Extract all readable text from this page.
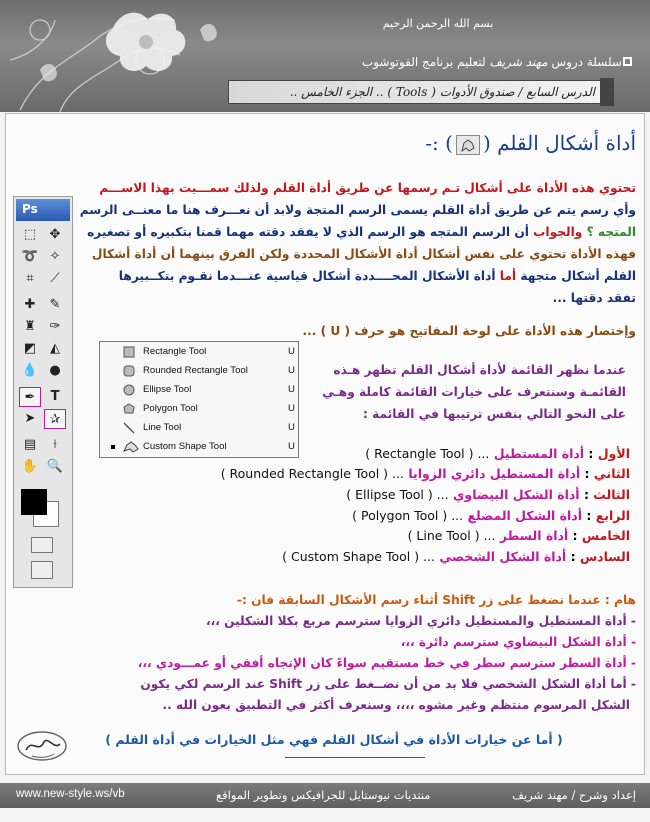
بسم الله الرحمن الرحيم
سلسلة دروس مهند شريف لتعليم برنامج الفوتوشوب
الدرس السابع / صندوق الأدوات ( Tools ) .. الجزء الخامس ..
أداة أشكال القلم () :-
تحتوي هذه الأداة على أشكال تـم رسمها عن طريق أداة القلم ولذلك سمـــيت بهذا الاســـم
وأي رسم يتم عن طريق أداة القلم يسمى الرسم المتجة ولابد أن نعـــرف هنا ما معنــى الرسم
المتجه ؟ والجواب أن الرسم المتجه هو الرسم الذي لا يفقد دقته مهما قمنا بتكبيره أو تصغيره
فهذه الأداة تحتوي على نفس أشكال أداة الأشكال المحددة ولكن الفرق بينهما أن أداة أشكال
القلم أشكال متجهة أما أداة الأشكال المحــــددة أشكال قياسية عنـــدما نقـوم بتكــبيرها
تفقد دقتها ...
وإختصار هذه الأداة على لوحة المفاتيح هو حرف ( U ) ...
Ps
⬚	✥
➰ ✧
⌗	⟋
✚	✎
♜	✑
◩	◭
💧 ●
✒	T
➤	✰
▤	⟊
✋ 🔍
Rectangle Tool	U
Rounded Rectangle Tool	U
Ellipse Tool	U
Polygon Tool	U
Line Tool	U
Custom Shape Tool	U
عندما نظهر القائمة لأداة أشكال القلم تظهر هـذه
القائمـة وسنتعرف على خيارات القائمة كاملة وهـي
على النحو التالي بنفس ترتيبها في القائمة :
الأول : أداة المستطيل ( Rectangle Tool ) ...
الثاني : أداة المستطيل دائري الزوايا ( Rounded Rectangle Tool ) ...
الثالث : أداة الشكل البيضاوي ( Ellipse Tool ) ...
الرابع : أداة الشكل المضلع ( Polygon Tool ) ...
الخامس : أداة السطر ( Line Tool ) ...
السادس : أداة الشكل الشخصي ( Custom Shape Tool ) ...
هام : عندما نضغط على زر Shift أثناء رسم الأشكال السابقة فان :-
- أداة المستطيل والمستطيل دائري الزوايا سترسم مربع بكلا الشكلين ،،،
- أداة الشكل البيضاوي سترسم دائرة ،،،
- أداة السطر سترسم سطر في خط مستقيم سواءً كان الإتجاه أفقي أو عمـــودي ،،،
- أما أداة الشكل الشخصي فلا بد من أن نضــغط على زر Shift عند الرسم لكي يكون
الشكل المرسوم منتظم وغير مشوه ،،،، وسنعرف أكثر في التطبيق بعون الله ..
( أما عن خيارات الأداة في أشكال القلم فهي مثل الخيارات في أداة القلم )
www.new-style.ws/vb	منتديات نيوستايل للجرافيكس وتطوير المواقع	إعداد وشرح / مهند شريف
